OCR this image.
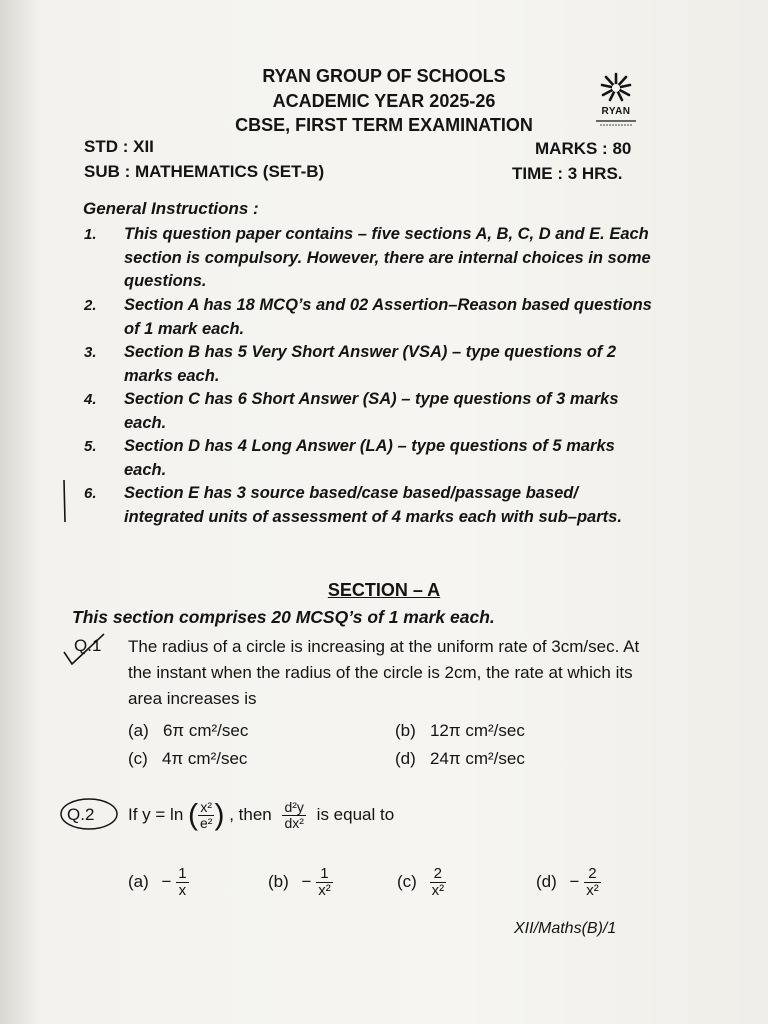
RYAN
RYAN GROUP OF SCHOOLS
ACADEMIC YEAR 2025-26
CBSE, FIRST TERM EXAMINATION
STD : XII	MARKS : 80
SUB : MATHEMATICS (SET-B)	TIME : 3 HRS.
General Instructions :
1. This question paper contains – five sections A, B, C, D and E. Each section is compulsory. However, there are internal choices in some questions.
2. Section A has 18 MCQ’s and 02 Assertion–Reason based questions of 1 mark each.
3. Section B has 5 Very Short Answer (VSA) – type questions of 2 marks each.
4. Section C has 6 Short Answer (SA) – type questions of 3 marks each.
5. Section D has 4 Long Answer (LA) – type questions of 5 marks each.
6. Section E has 3 source based/case based/passage based/ integrated units of assessment of 4 marks each with sub–parts.
SECTION – A
This section comprises 20 MCSQ’s of 1 mark each.
Q.1 The radius of a circle is increasing at the uniform rate of 3cm/sec. At the instant when the radius of the circle is 2cm, the rate at which its area increases is
(a) 6π cm²/sec	(b) 12π cm²/sec
(c) 4π cm²/sec	(d) 24π cm²/sec
Q.2 If y = ln ( $\frac{\text{x²}}{\text{e²}}$ ) , then $\frac{\text{d²y}}{\text{dx²}}$ is equal to
$(a) - \frac{1}{x}$	$(b) - \frac{1}{\text{x²}}$	$(c) \frac{2}{\text{x²}}$	$(d) - \frac{2}{\text{x²}}$
XII/Maths(B)/1
